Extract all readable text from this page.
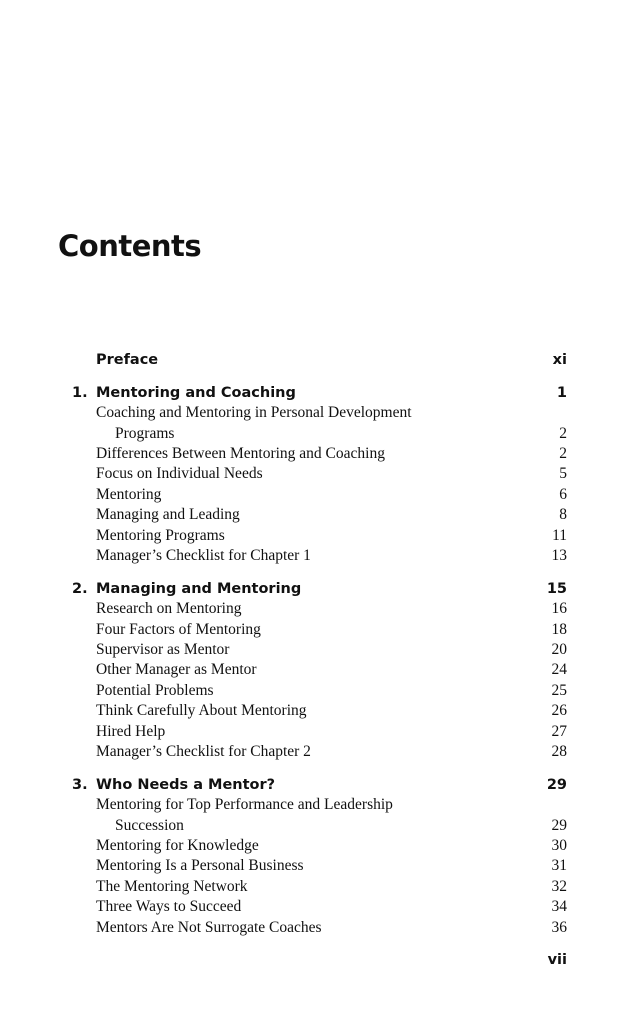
Contents
Preface	xi
1. Mentoring and Coaching	1
Coaching and Mentoring in Personal Development
Programs	2
Differences Between Mentoring and Coaching	2
Focus on Individual Needs	5
Mentoring	6
Managing and Leading	8
Mentoring Programs	11
Manager’s Checklist for Chapter 1	13
2. Managing and Mentoring	15
Research on Mentoring	16
Four Factors of Mentoring	18
Supervisor as Mentor	20
Other Manager as Mentor	24
Potential Problems	25
Think Carefully About Mentoring	26
Hired Help	27
Manager’s Checklist for Chapter 2	28
3. Who Needs a Mentor?	29
Mentoring for Top Performance and Leadership
Succession	29
Mentoring for Knowledge	30
Mentoring Is a Personal Business	31
The Mentoring Network	32
Three Ways to Succeed	34
Mentors Are Not Surrogate Coaches	36
vii
